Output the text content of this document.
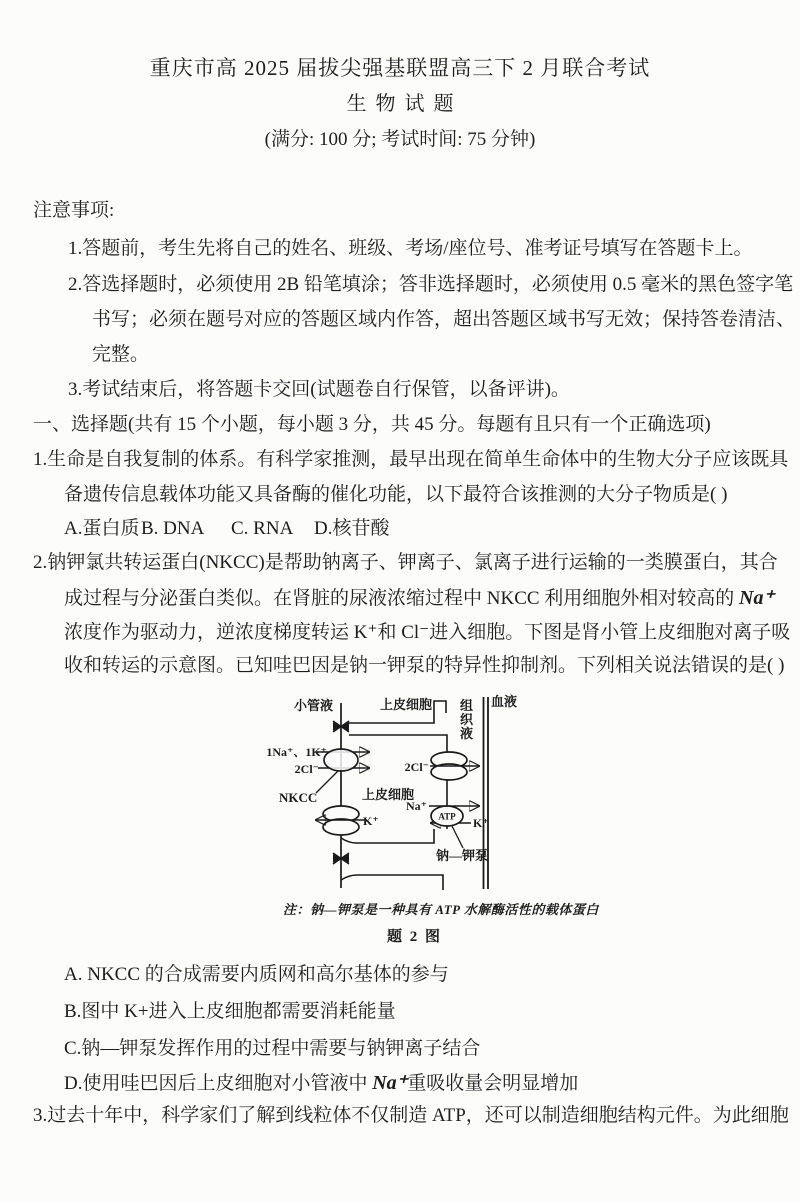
重庆市高 2025 届拔尖强基联盟高三下 2 月联合考试
生物试题
(满分: 100 分; 考试时间: 75 分钟)
注意事项:
1.答题前，考生先将自己的姓名、班级、考场/座位号、准考证号填写在答题卡上。
2.答选择题时，必须使用 2B 铅笔填涂；答非选择题时，必须使用 0.5 毫米的黑色签字笔
书写；必须在题号对应的答题区域内作答，超出答题区域书写无效；保持答卷清洁、
完整。
3.考试结束后，将答题卡交回(试题卷自行保管，以备评讲)。
一、选择题(共有 15 个小题，每小题 3 分，共 45 分。每题有且只有一个正确选项)
1.生命是自我复制的体系。有科学家推测，最早出现在简单生命体中的生物大分子应该既具
备遗传信息载体功能又具备酶的催化功能，以下最符合该推测的大分子物质是( )
A.蛋白质 B. DNA C. RNA D.核苷酸
2.钠钾氯共转运蛋白(NKCC)是帮助钠离子、钾离子、氯离子进行运输的一类膜蛋白，其合
成过程与分泌蛋白类似。在肾脏的尿液浓缩过程中 NKCC 利用细胞外相对较高的 Na⁺
浓度作为驱动力，逆浓度梯度转运 K⁺和 Cl⁻进入细胞。下图是肾小管上皮细胞对离子吸
收和转运的示意图。已知哇巴因是钠一钾泵的特异性抑制剂。下列相关说法错误的是( )
1Na⁺、1K⁺
2Cl⁻
NKCC
K⁺
2Cl⁻
ATP
Na⁺
K⁺
钠—钾泵
小管液	上皮细胞 组
织
液
血液
上皮细胞
注：钠—钾泵是一种具有 ATP 水解酶活性的载体蛋白
题 2 图
A. NKCC 的合成需要内质网和高尔基体的参与
B.图中 K+进入上皮细胞都需要消耗能量
C.钠—钾泵发挥作用的过程中需要与钠钾离子结合
D.使用哇巴因后上皮细胞对小管液中 Na⁺重吸收量会明显增加
3.过去十年中，科学家们了解到线粒体不仅制造 ATP，还可以制造细胞结构元件。为此细胞
